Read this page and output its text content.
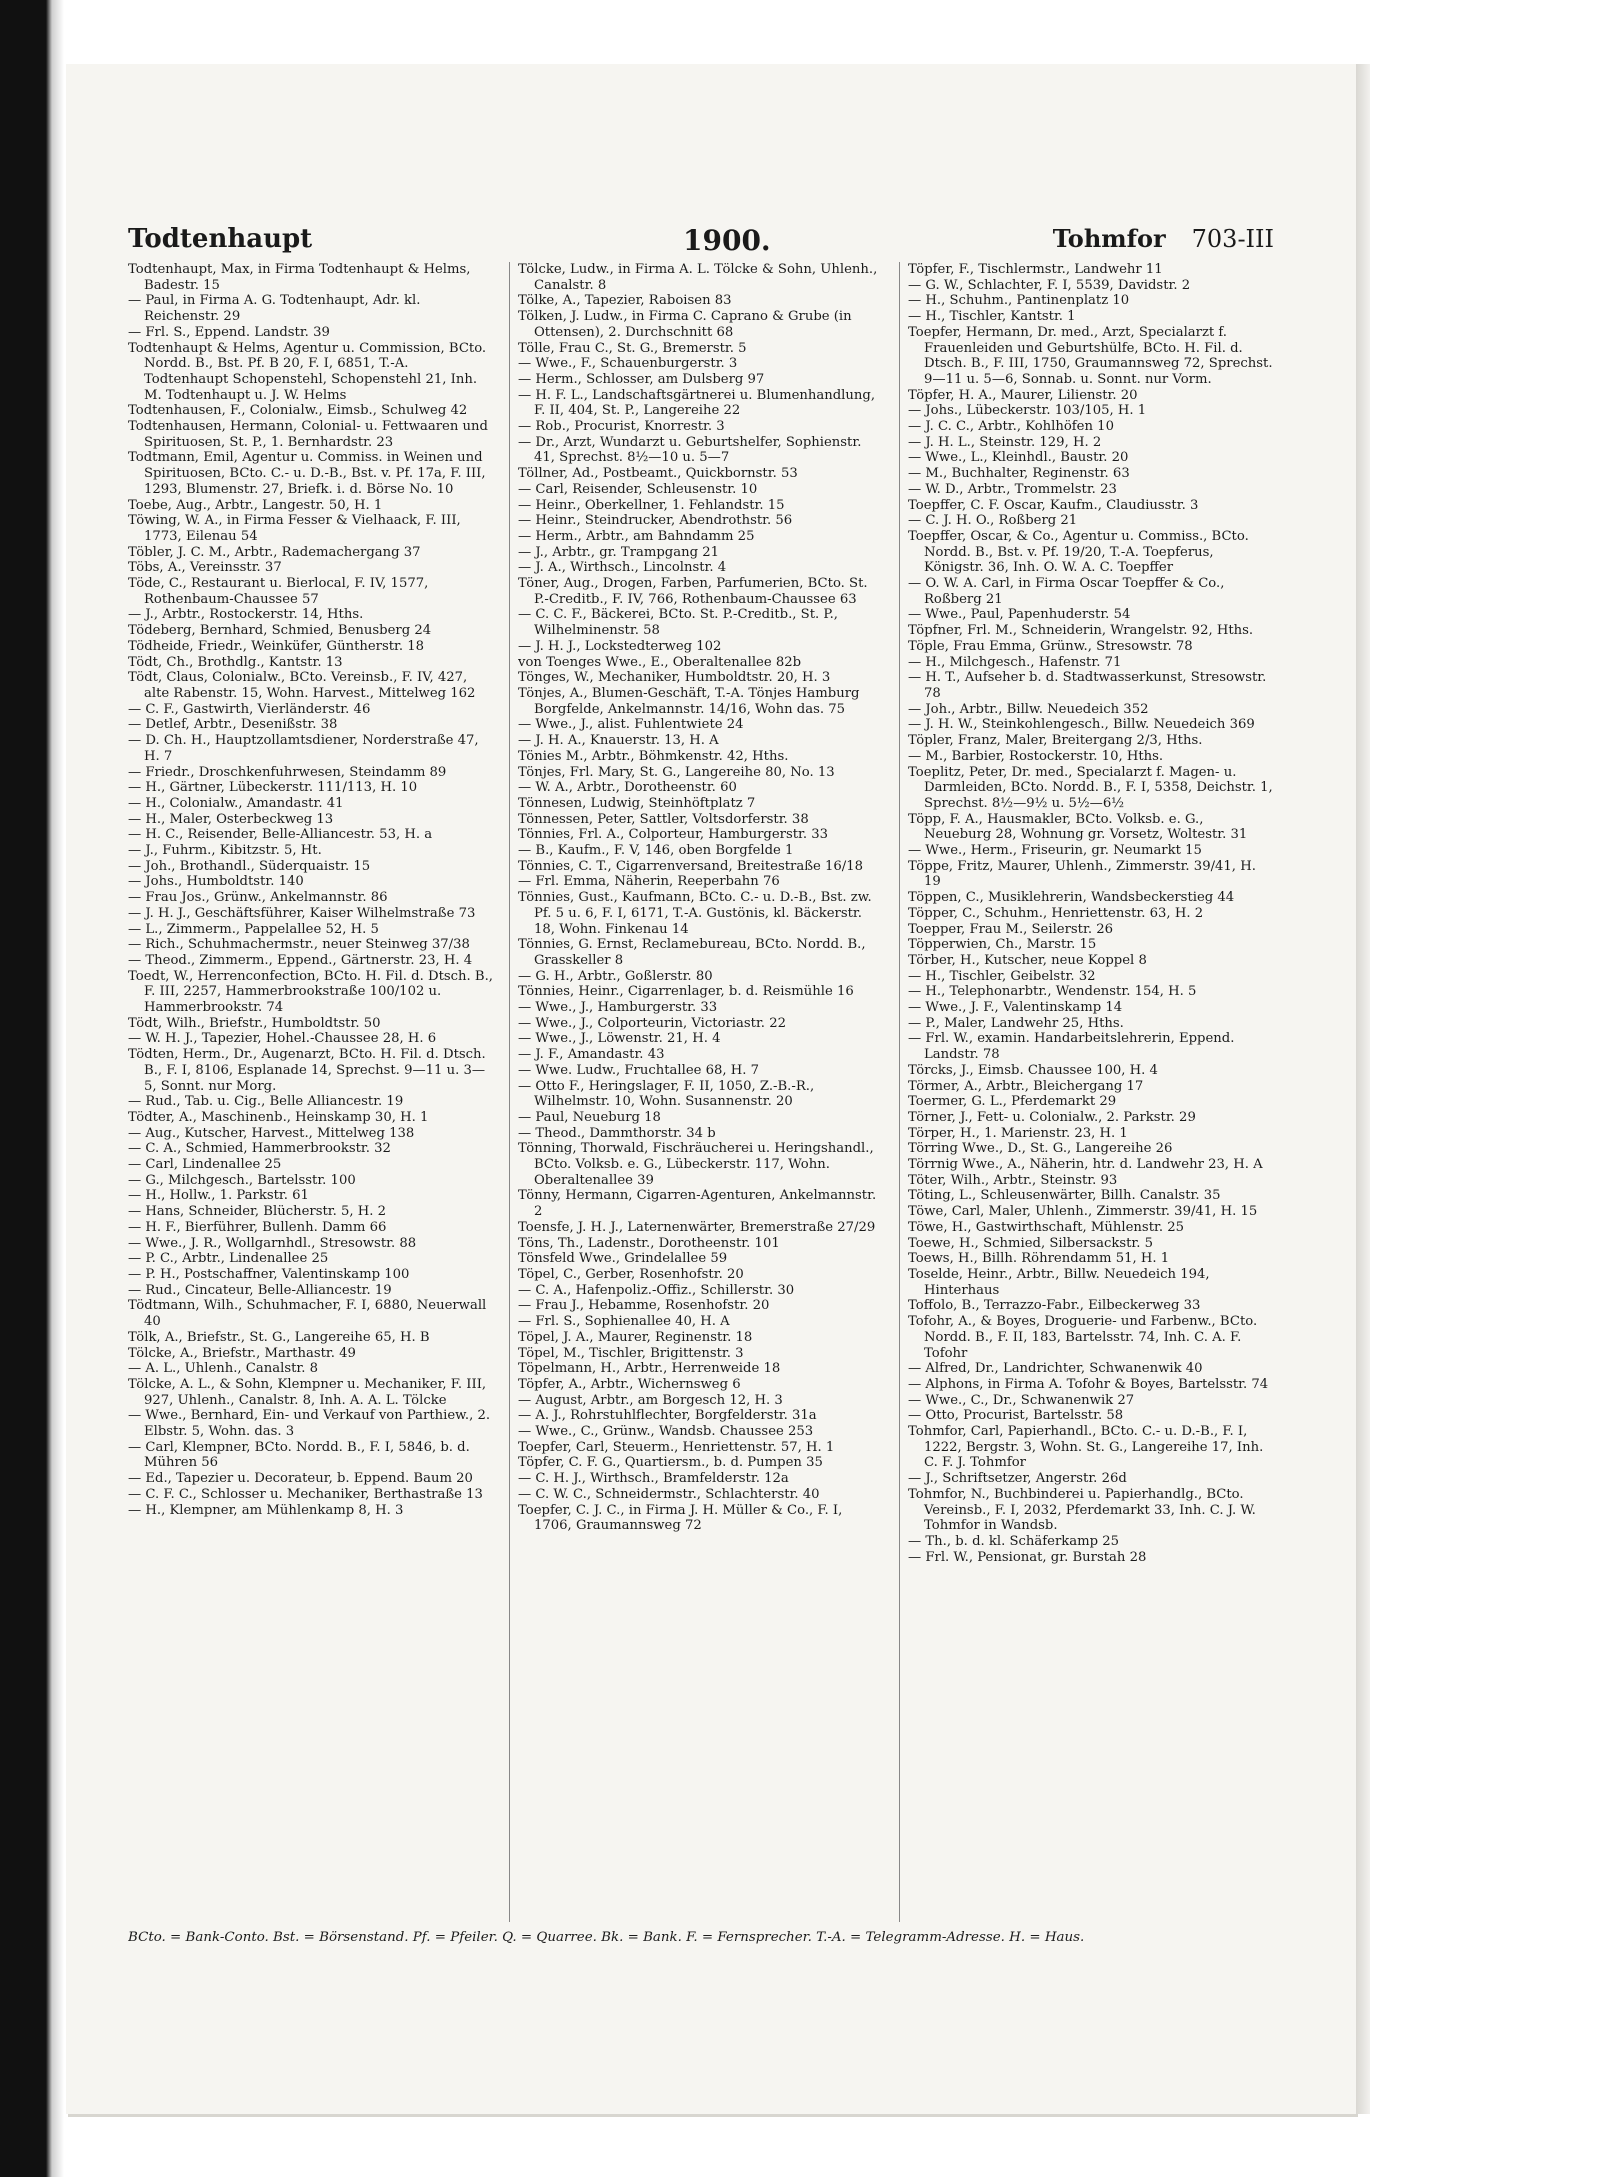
Todtenhaupt	1900.	Tohmfor 703-III

Todtenhaupt, Max, in Firma Todtenhaupt & Helms, Badestr. 15

— Paul, in Firma A. G. Todtenhaupt, Adr. kl. Reichenstr. 29

— Frl. S., Eppend. Landstr. 39

Todtenhaupt & Helms, Agentur u. Commission, BCto. Nordd. B., Bst. Pf. B 20, F. I, 6851, T.-A. Todtenhaupt Schopenstehl, Schopenstehl 21, Inh. M. Todtenhaupt u. J. W. Helms

Todtenhausen, F., Colonialw., Eimsb., Schulweg 42

Todtenhausen, Hermann, Colonial- u. Fettwaaren und Spirituosen, St. P., 1. Bernhardstr. 23

Todtmann, Emil, Agentur u. Commiss. in Weinen und Spirituosen, BCto. C.- u. D.-B., Bst. v. Pf. 17a, F. III, 1293, Blumenstr. 27, Briefk. i. d. Börse No. 10

Toebe, Aug., Arbtr., Langestr. 50, H. 1

Töwing, W. A., in Firma Fesser & Vielhaack, F. III, 1773, Eilenau 54

Töbler, J. C. M., Arbtr., Rademachergang 37

Töbs, A., Vereinsstr. 37

Töde, C., Restaurant u. Bierlocal, F. IV, 1577, Rothenbaum-Chaussee 57

— J., Arbtr., Rostockerstr. 14, Hths.

Tödeberg, Bernhard, Schmied, Benusberg 24

Tödheide, Friedr., Weinküfer, Güntherstr. 18

Tödt, Ch., Brothdlg., Kantstr. 13

Tödt, Claus, Colonialw., BCto. Vereinsb., F. IV, 427, alte Rabenstr. 15, Wohn. Harvest., Mittelweg 162

— C. F., Gastwirth, Vierländerstr. 46

— Detlef, Arbtr., Desenißstr. 38

— D. Ch. H., Hauptzollamtsdiener, Norderstraße 47, H. 7

— Friedr., Droschkenfuhrwesen, Steindamm 89

— H., Gärtner, Lübeckerstr. 111/113, H. 10

— H., Colonialw., Amandastr. 41

— H., Maler, Osterbeckweg 13

— H. C., Reisender, Belle-Alliancestr. 53, H. a

— J., Fuhrm., Kibitzstr. 5, Ht.

— Joh., Brothandl., Süderquaistr. 15

— Johs., Humboldtstr. 140

— Frau Jos., Grünw., Ankelmannstr. 86

— J. H. J., Geschäftsführer, Kaiser Wilhelmstraße 73

— L., Zimmerm., Pappelallee 52, H. 5

— Rich., Schuhmachermstr., neuer Steinweg 37/38

— Theod., Zimmerm., Eppend., Gärtnerstr. 23, H. 4

Toedt, W., Herrenconfection, BCto. H. Fil. d. Dtsch. B., F. III, 2257, Hammerbrookstraße 100/102 u. Hammerbrookstr. 74

Tödt, Wilh., Briefstr., Humboldtstr. 50

— W. H. J., Tapezier, Hohel.-Chaussee 28, H. 6

Tödten, Herm., Dr., Augenarzt, BCto. H. Fil. d. Dtsch. B., F. I, 8106, Esplanade 14, Sprechst. 9—11 u. 3—5, Sonnt. nur Morg.

— Rud., Tab. u. Cig., Belle Alliancestr. 19

Tödter, A., Maschinenb., Heinskamp 30, H. 1

— Aug., Kutscher, Harvest., Mittelweg 138

— C. A., Schmied, Hammerbrookstr. 32

— Carl, Lindenallee 25

— G., Milchgesch., Bartelsstr. 100

— H., Hollw., 1. Parkstr. 61

— Hans, Schneider, Blücherstr. 5, H. 2

— H. F., Bierführer, Bullenh. Damm 66

— Wwe., J. R., Wollgarnhdl., Stresowstr. 88

— P. C., Arbtr., Lindenallee 25

— P. H., Postschaffner, Valentinskamp 100

— Rud., Cincateur, Belle-Alliancestr. 19

Tödtmann, Wilh., Schuhmacher, F. I, 6880, Neuerwall 40

Tölk, A., Briefstr., St. G., Langereihe 65, H. B

Tölcke, A., Briefstr., Marthastr. 49

— A. L., Uhlenh., Canalstr. 8

Tölcke, A. L., & Sohn, Klempner u. Mechaniker, F. III, 927, Uhlenh., Canalstr. 8, Inh. A. A. L. Tölcke

— Wwe., Bernhard, Ein- und Verkauf von Parthiew., 2. Elbstr. 5, Wohn. das. 3

— Carl, Klempner, BCto. Nordd. B., F. I, 5846, b. d. Mühren 56

— Ed., Tapezier u. Decorateur, b. Eppend. Baum 20

— C. F. C., Schlosser u. Mechaniker, Berthastraße 13

— H., Klempner, am Mühlenkamp 8, H. 3

Tölcke, Ludw., in Firma A. L. Tölcke & Sohn, Uhlenh., Canalstr. 8

Tölke, A., Tapezier, Raboisen 83

Tölken, J. Ludw., in Firma C. Caprano & Grube (in Ottensen), 2. Durchschnitt 68

Tölle, Frau C., St. G., Bremerstr. 5

— Wwe., F., Schauenburgerstr. 3

— Herm., Schlosser, am Dulsberg 97

— H. F. L., Landschaftsgärtnerei u. Blumenhandlung, F. II, 404, St. P., Langereihe 22

— Rob., Procurist, Knorrestr. 3

— Dr., Arzt, Wundarzt u. Geburtshelfer, Sophienstr. 41, Sprechst. 8½—10 u. 5—7

Töllner, Ad., Postbeamt., Quickbornstr. 53

— Carl, Reisender, Schleusenstr. 10

— Heinr., Oberkellner, 1. Fehlandstr. 15

— Heinr., Steindrucker, Abendrothstr. 56

— Herm., Arbtr., am Bahndamm 25

— J., Arbtr., gr. Trampgang 21

— J. A., Wirthsch., Lincolnstr. 4

Töner, Aug., Drogen, Farben, Parfumerien, BCto. St. P.-Creditb., F. IV, 766, Rothenbaum-Chaussee 63

— C. C. F., Bäckerei, BCto. St. P.-Creditb., St. P., Wilhelminenstr. 58

— J. H. J., Lockstedterweg 102

von Toenges Wwe., E., Oberaltenallee 82b

Tönges, W., Mechaniker, Humboldtstr. 20, H. 3

Tönjes, A., Blumen-Geschäft, T.-A. Tönjes Hamburg Borgfelde, Ankelmannstr. 14/16, Wohn das. 75

— Wwe., J., alist. Fuhlentwiete 24

— J. H. A., Knauerstr. 13, H. A

Tönies M., Arbtr., Böhmkenstr. 42, Hths.

Tönjes, Frl. Mary, St. G., Langereihe 80, No. 13

— W. A., Arbtr., Dorotheenstr. 60

Tönnesen, Ludwig, Steinhöftplatz 7

Tönnessen, Peter, Sattler, Voltsdorferstr. 38

Tönnies, Frl. A., Colporteur, Hamburgerstr. 33

— B., Kaufm., F. V, 146, oben Borgfelde 1

Tönnies, C. T., Cigarrenversand, Breitestraße 16/18

— Frl. Emma, Näherin, Reeperbahn 76

Tönnies, Gust., Kaufmann, BCto. C.- u. D.-B., Bst. zw. Pf. 5 u. 6, F. I, 6171, T.-A. Gustönis, kl. Bäckerstr. 18, Wohn. Finkenau 14

Tönnies, G. Ernst, Reclamebureau, BCto. Nordd. B., Grasskeller 8

— G. H., Arbtr., Goßlerstr. 80

Tönnies, Heinr., Cigarrenlager, b. d. Reismühle 16

— Wwe., J., Hamburgerstr. 33

— Wwe., J., Colporteurin, Victoriastr. 22

— Wwe., J., Löwenstr. 21, H. 4

— J. F., Amandastr. 43

— Wwe. Ludw., Fruchtallee 68, H. 7

— Otto F., Heringslager, F. II, 1050, Z.-B.-R., Wilhelmstr. 10, Wohn. Susannenstr. 20

— Paul, Neueburg 18

— Theod., Dammthorstr. 34 b

Tönning, Thorwald, Fischräucherei u. Heringshandl., BCto. Volksb. e. G., Lübeckerstr. 117, Wohn. Oberaltenallee 39

Tönny, Hermann, Cigarren-Agenturen, Ankelmannstr. 2

Toensfe, J. H. J., Laternenwärter, Bremerstraße 27/29

Töns, Th., Ladenstr., Dorotheenstr. 101

Tönsfeld Wwe., Grindelallee 59

Töpel, C., Gerber, Rosenhofstr. 20

— C. A., Hafenpoliz.-Offiz., Schillerstr. 30

— Frau J., Hebamme, Rosenhofstr. 20

— Frl. S., Sophienallee 40, H. A

Töpel, J. A., Maurer, Reginenstr. 18

Töpel, M., Tischler, Brigittenstr. 3

Töpelmann, H., Arbtr., Herrenweide 18

Töpfer, A., Arbtr., Wichernsweg 6

— August, Arbtr., am Borgesch 12, H. 3

— A. J., Rohrstuhlflechter, Borgfelderstr. 31a

— Wwe., C., Grünw., Wandsb. Chaussee 253

Toepfer, Carl, Steuerm., Henriettenstr. 57, H. 1

Töpfer, C. F. G., Quartiersm., b. d. Pumpen 35

— C. H. J., Wirthsch., Bramfelderstr. 12a

— C. W. C., Schneidermstr., Schlachterstr. 40

Toepfer, C. J. C., in Firma J. H. Müller & Co., F. I, 1706, Graumannsweg 72

Töpfer, F., Tischlermstr., Landwehr 11

— G. W., Schlachter, F. I, 5539, Davidstr. 2

— H., Schuhm., Pantinenplatz 10

— H., Tischler, Kantstr. 1

Toepfer, Hermann, Dr. med., Arzt, Specialarzt f. Frauenleiden und Geburtshülfe, BCto. H. Fil. d. Dtsch. B., F. III, 1750, Graumannsweg 72, Sprechst. 9—11 u. 5—6, Sonnab. u. Sonnt. nur Vorm.

Töpfer, H. A., Maurer, Lilienstr. 20

— Johs., Lübeckerstr. 103/105, H. 1

— J. C. C., Arbtr., Kohlhöfen 10

— J. H. L., Steinstr. 129, H. 2

— Wwe., L., Kleinhdl., Baustr. 20

— M., Buchhalter, Reginenstr. 63

— W. D., Arbtr., Trommelstr. 23

Toepffer, C. F. Oscar, Kaufm., Claudiusstr. 3

— C. J. H. O., Roßberg 21

Toepffer, Oscar, & Co., Agentur u. Commiss., BCto. Nordd. B., Bst. v. Pf. 19/20, T.-A. Toepferus, Königstr. 36, Inh. O. W. A. C. Toepffer

— O. W. A. Carl, in Firma Oscar Toepffer & Co., Roßberg 21

— Wwe., Paul, Papenhuderstr. 54

Töpfner, Frl. M., Schneiderin, Wrangelstr. 92, Hths.

Töple, Frau Emma, Grünw., Stresowstr. 78

— H., Milchgesch., Hafenstr. 71

— H. T., Aufseher b. d. Stadtwasserkunst, Stresowstr. 78

— Joh., Arbtr., Billw. Neuedeich 352

— J. H. W., Steinkohlengesch., Billw. Neuedeich 369

Töpler, Franz, Maler, Breitergang 2/3, Hths.

— M., Barbier, Rostockerstr. 10, Hths.

Toeplitz, Peter, Dr. med., Specialarzt f. Magen- u. Darmleiden, BCto. Nordd. B., F. I, 5358, Deichstr. 1, Sprechst. 8½—9½ u. 5½—6½

Töpp, F. A., Hausmakler, BCto. Volksb. e. G., Neueburg 28, Wohnung gr. Vorsetz, Woltestr. 31

— Wwe., Herm., Friseurin, gr. Neumarkt 15

Töppe, Fritz, Maurer, Uhlenh., Zimmerstr. 39/41, H. 19

Töppen, C., Musiklehrerin, Wandsbeckerstieg 44

Töpper, C., Schuhm., Henriettenstr. 63, H. 2

Toepper, Frau M., Seilerstr. 26

Töpperwien, Ch., Marstr. 15

Törber, H., Kutscher, neue Koppel 8

— H., Tischler, Geibelstr. 32

— H., Telephonarbtr., Wendenstr. 154, H. 5

— Wwe., J. F., Valentinskamp 14

— P., Maler, Landwehr 25, Hths.

— Frl. W., examin. Handarbeitslehrerin, Eppend. Landstr. 78

Törcks, J., Eimsb. Chaussee 100, H. 4

Törmer, A., Arbtr., Bleichergang 17

Toermer, G. L., Pferdemarkt 29

Törner, J., Fett- u. Colonialw., 2. Parkstr. 29

Törper, H., 1. Marienstr. 23, H. 1

Törring Wwe., D., St. G., Langereihe 26

Törrnig Wwe., A., Näherin, htr. d. Landwehr 23, H. A

Töter, Wilh., Arbtr., Steinstr. 93

Töting, L., Schleusenwärter, Billh. Canalstr. 35

Töwe, Carl, Maler, Uhlenh., Zimmerstr. 39/41, H. 15

Töwe, H., Gastwirthschaft, Mühlenstr. 25

Toewe, H., Schmied, Silbersackstr. 5

Toews, H., Billh. Röhrendamm 51, H. 1

Toselde, Heinr., Arbtr., Billw. Neuedeich 194, Hinterhaus

Toffolo, B., Terrazzo-Fabr., Eilbeckerweg 33

Tofohr, A., & Boyes, Droguerie- und Farbenw., BCto. Nordd. B., F. II, 183, Bartelsstr. 74, Inh. C. A. F. Tofohr

— Alfred, Dr., Landrichter, Schwanenwik 40

— Alphons, in Firma A. Tofohr & Boyes, Bartelsstr. 74

— Wwe., C., Dr., Schwanenwik 27

— Otto, Procurist, Bartelsstr. 58

Tohmfor, Carl, Papierhandl., BCto. C.- u. D.-B., F. I, 1222, Bergstr. 3, Wohn. St. G., Langereihe 17, Inh. C. F. J. Tohmfor

— J., Schriftsetzer, Angerstr. 26d

Tohmfor, N., Buchbinderei u. Papierhandlg., BCto. Vereinsb., F. I, 2032, Pferdemarkt 33, Inh. C. J. W. Tohmfor in Wandsb.

— Th., b. d. kl. Schäferkamp 25

— Frl. W., Pensionat, gr. Burstah 28

BCto. = Bank-Conto. Bst. = Börsenstand. Pf. = Pfeiler. Q. = Quarree. Bk. = Bank. F. = Fernsprecher. T.-A. = Telegramm-Adresse. H. = Haus.
